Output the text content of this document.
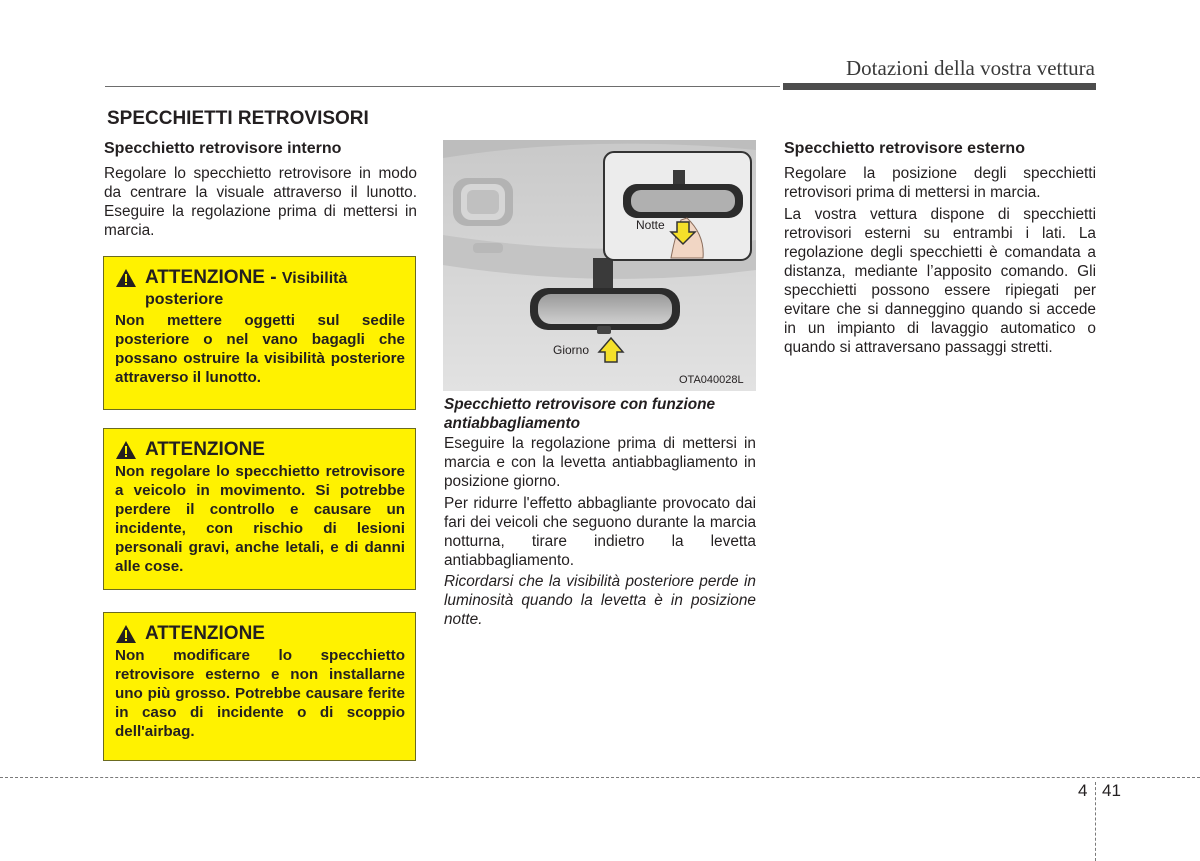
Dotazioni della vostra vettura
SPECCHIETTI RETROVISORI
Specchietto retrovisore interno

Regolare lo specchietto retrovisore in modo da centrare la visuale attraverso il lunotto. Eseguire la regolazione prima di mettersi in marcia.

ATTENZIONE - Visibilità
posteriore
Non mettere oggetti sul sedile posteriore o nel vano bagagli che possano ostruire la visibilità posteriore attraverso il lunotto.
ATTENZIONE
Non regolare lo specchietto retrovisore a veicolo in movimento. Si potrebbe perdere il controllo e causare un incidente, con rischio di lesioni personali gravi, anche letali, e di danni alle cose.
ATTENZIONE
Non modificare lo specchietto retrovisore esterno e non installarne uno più grosso. Potrebbe causare ferite in caso di incidente o di scoppio dell'airbag.
Notte
Giorno
OTA040028L
Specchietto retrovisore con funzione antiabbagliamento

Eseguire la regolazione prima di mettersi in marcia e con la levetta antiabbagliamento in posizione giorno.

Per ridurre l'effetto abbagliante provocato dai fari dei veicoli che seguono durante la marcia notturna, tirare indietro la levetta antiabbagliamento.

Ricordarsi che la visibilità posteriore perde in luminosità quando la levetta è in posizione notte.

Specchietto retrovisore esterno

Regolare la posizione degli specchietti retrovisori prima di mettersi in marcia.

La vostra vettura dispone di specchietti retrovisori esterni su entrambi i lati. La regolazione degli specchietti è comandata a distanza, mediante l’apposito comando. Gli specchietti possono essere ripiegati per evitare che si danneggino quando si accede in un impianto di lavaggio automatico o quando si attraversano passaggi stretti.

4 41
